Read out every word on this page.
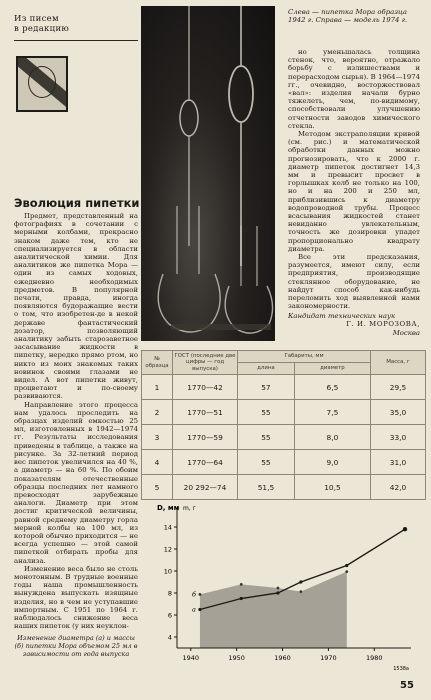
Из писем
в редакцию
Эволюция пипетки

Предмет, представленный на фотографиях в сочетании с мерными колбами, прекрасно знаком даже тем, кто не специализируется в области аналитической химии. Для аналитиков же пипетка Мора — один из самых ходовых, ежедневно необходимых предметов. В популярной печати, правда, иногда появляются будоражащие вести о том, что изобретен-де в некой державе фантастический дозатор, позволяющий аналитику забыть старозаветное засасывание жидкости в пипетку, нередко прямо ртом, но никто из моих знакомых таких новинок своими глазами не видел. А вот пипетки живут, процветают и по-своему развиваются.

Направление этого процесса нам удалось проследить на образцах изделий емкостью 25 мл, изготовленных в 1942—1974 гг. Результаты исследования приведены в таблице, а также на рисунке. За 32-летний период вес пипеток увеличился на 40 %, а диаметр — на 60 %. По обоим показателям отечественные образцы последних лет намного превосходят зарубежные аналоги. Диаметр при этом достиг критической величины, равной среднему диаметру горла мерной колбы на 100 мл, из которой обычно приходится — не всегда успешно — этой самой пипеткой отбирать пробы для анализа.

Изменение веса было не столь монотонным. В трудные военные годы наша промышленность вынуждена выпускать изящные изделия, но в чем не уступавшие импортным. С 1951 по 1964 г. наблюдалось снижение веса наших пипеток (у них неуклон-

Изменение диаметра (а) и массы (б) пипетки Мора объемом 25 мл в зависимости от года выпуска
Слева — пипетка Мора образца 1942 г. Справа — модель 1974 г.

но уменьшалась толщина стенок, что, вероятно, отражало борьбу с излишествами и перерасходом сырья). В 1964—1974 гг., очевидно, восторжествовал «вал»: изделия начали бурно тяжелеть, чем, по-видимому, способствовали улучшению отчетности заводов химического стекла.

Методом экстраполяции кривой (см. рис.) и математической обработки данных можно прогнозировать, что к 2000 г. диаметр пипеток достигнет 14,3 мм и превысит просвет в горлышках колб не только на 100, но и на 200 и 250 мл, приблизившись к диаметру водопроводной трубы. Процесс всасывания жидкостей станет невиданно увлекательным, точность же дозировки упадет пропорционально квадрату диаметра.

Все эти предсказания, разумеется, имеют силу, если предприятия, производящие стеклянное оборудование, не найдут способ как-нибудь переломить ход выявленной нами закономерности.

Кандидат технических наук
Г. И. МОРОЗОВА,
Москва
№ образца	ГОСТ (последние две цифры — год выпуска)	Габариты, мм		Масса, г
		длина	диаметр	
1	1770—42	57	6,5	29,5
2	1770—51	55	7,5	35,0
3	1770—59	55	8,0	33,0
4	1770—64	55	9,0	31,0
5	20 292—74	51,5	10,5	42,0
4
6
8
10
12
14
1940	1950	1960	1970	1980
D, мм m, г
а
б
1538а
55
